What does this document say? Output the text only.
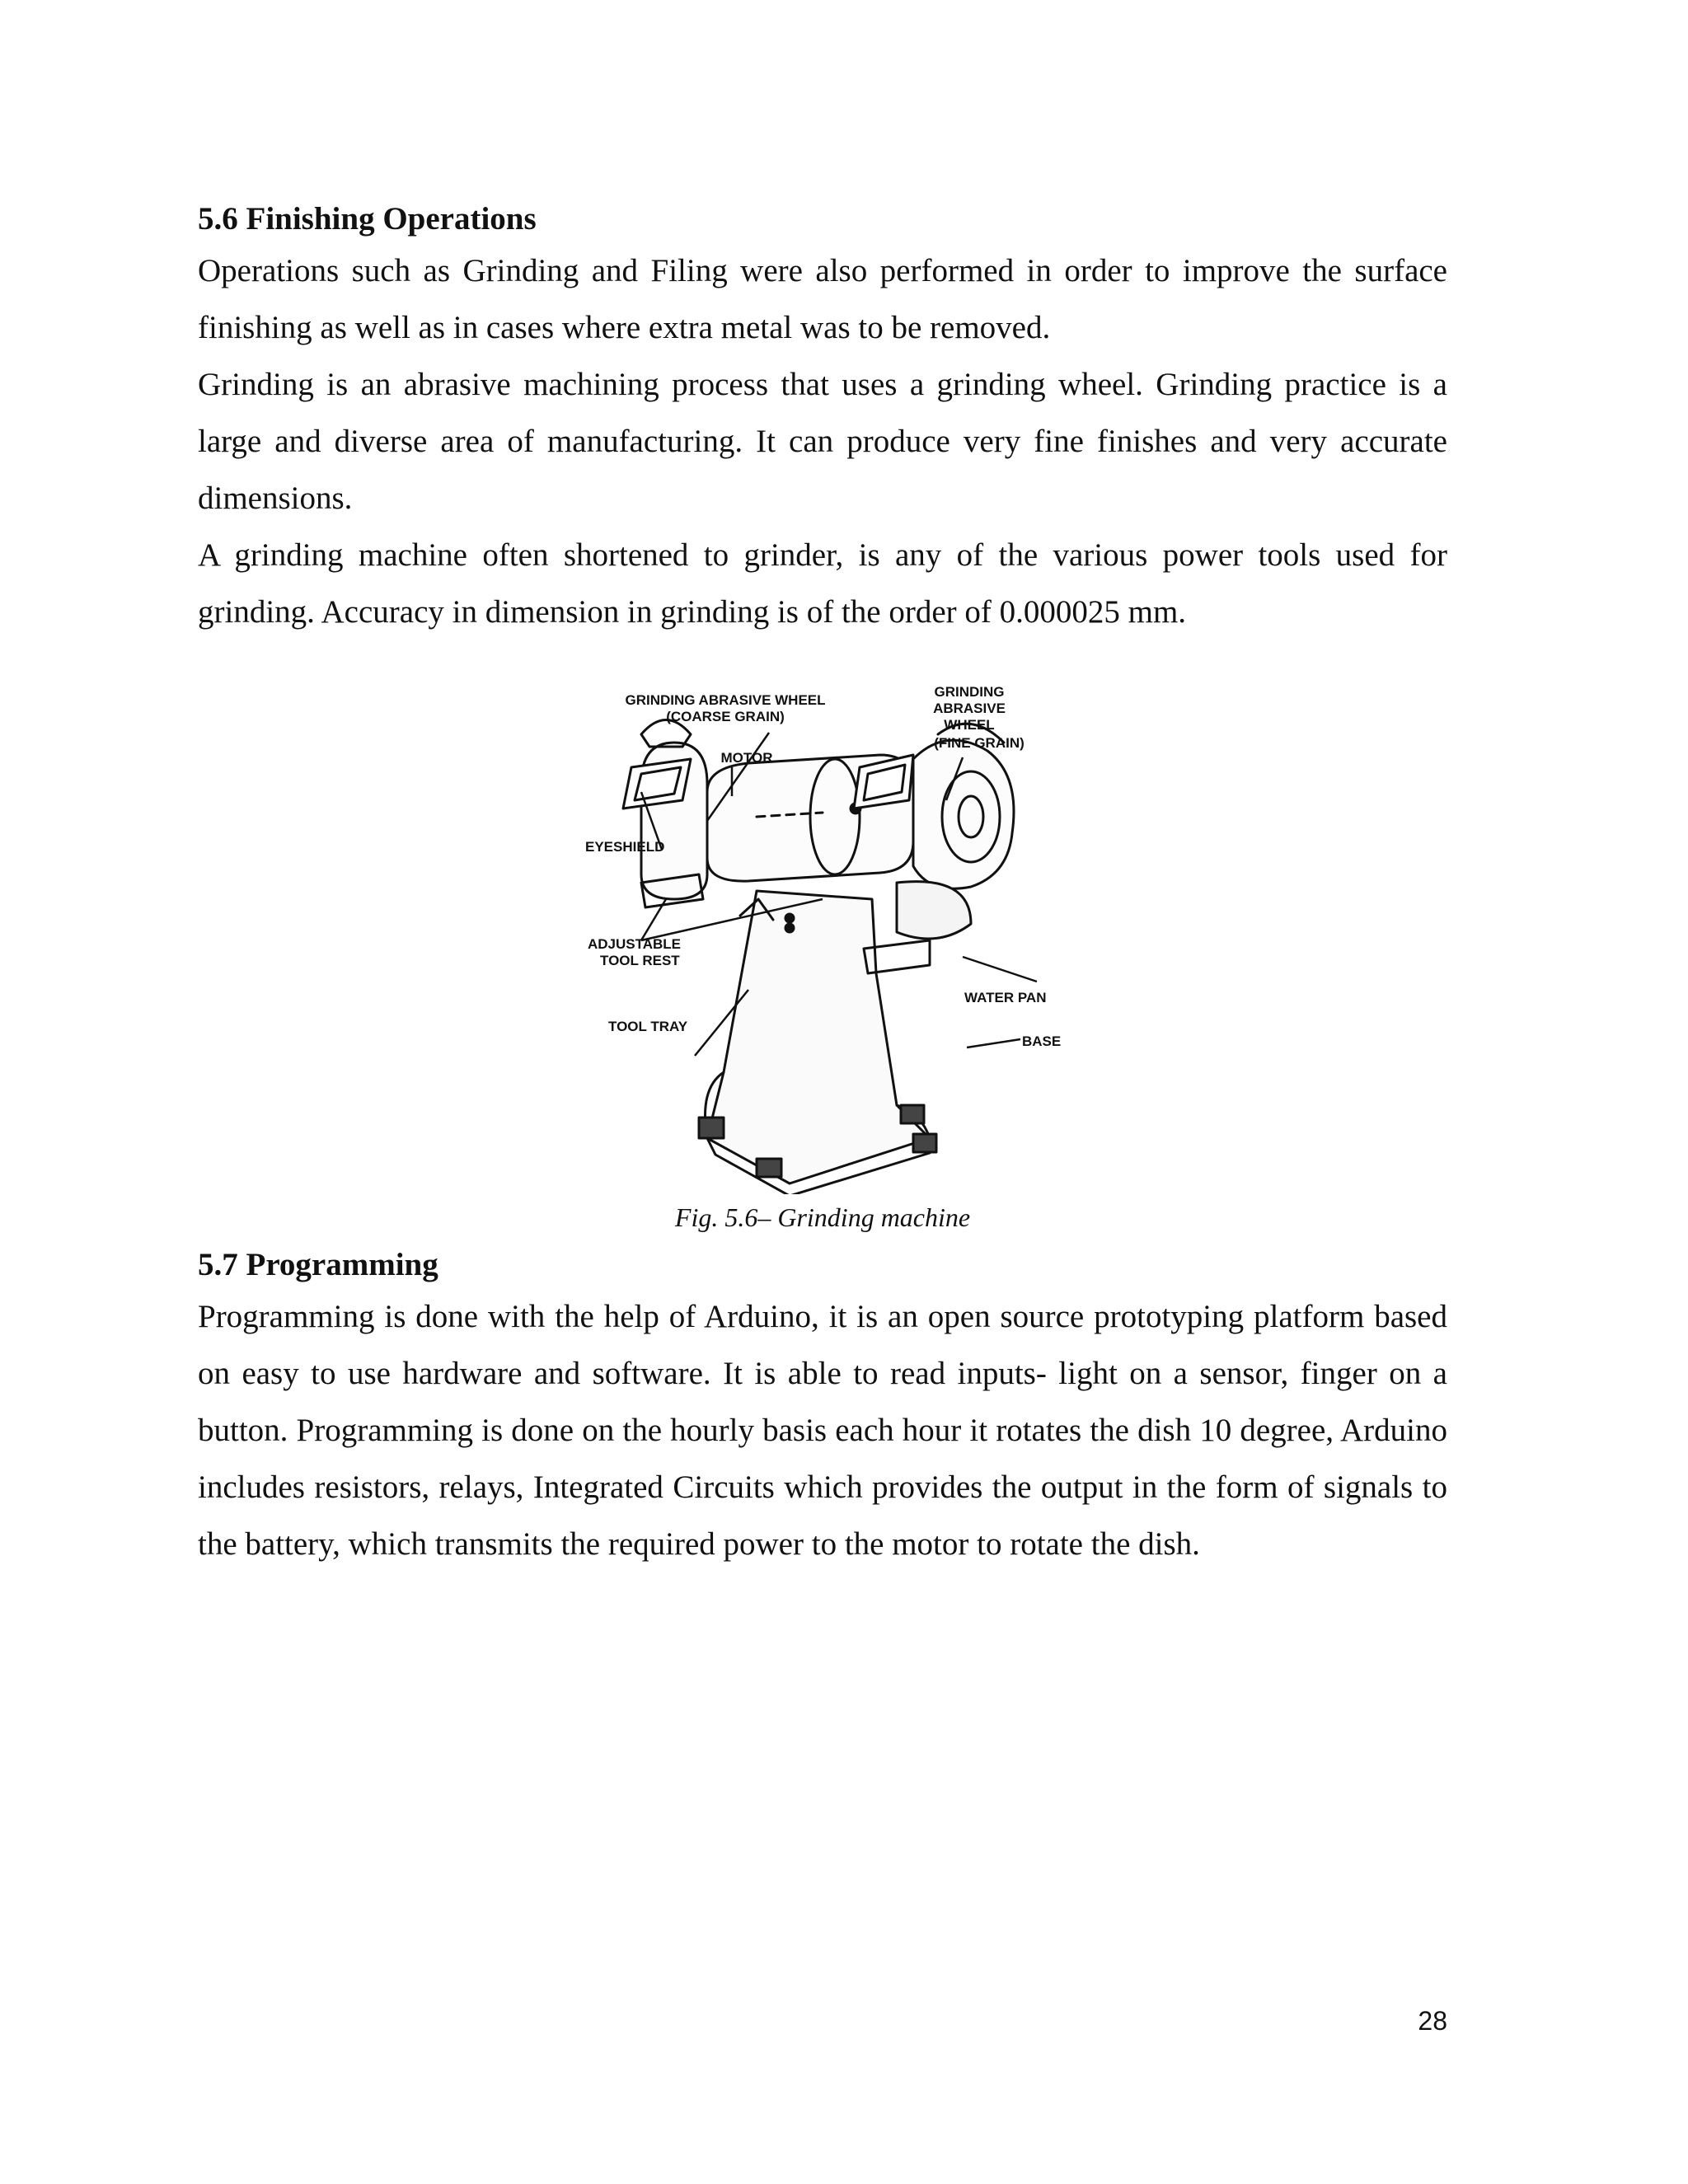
5.6 Finishing Operations

Operations such as Grinding and Filing were also performed in order to improve the surface finishing as well as in cases where extra metal was to be removed.

Grinding is an abrasive machining process that uses a grinding wheel. Grinding practice is a large and diverse area of manufacturing. It can produce very fine finishes and very accurate dimensions.

A grinding machine often shortened to grinder, is any of the various power tools used for grinding. Accuracy in dimension in grinding is of the order of 0.000025 mm.

GRINDING ABRASIVE WHEEL
(COARSE GRAIN)
GRINDING
ABRASIVE
WHEEL
(FINE GRAIN)
MOTOR
EYESHIELD
ADJUSTABLE
TOOL REST
WATER PAN
TOOL TRAY
BASE
Fig. 5.6– Grinding machine
5.7 Programming

Programming is done with the help of Arduino, it is an open source prototyping platform based on easy to use hardware and software. It is able to read inputs- light on a sensor, finger on a button. Programming is done on the hourly basis each hour it rotates the dish 10 degree, Arduino includes resistors, relays, Integrated Circuits which provides the output in the form of signals to the battery, which transmits the required power to the motor to rotate the dish.

28
